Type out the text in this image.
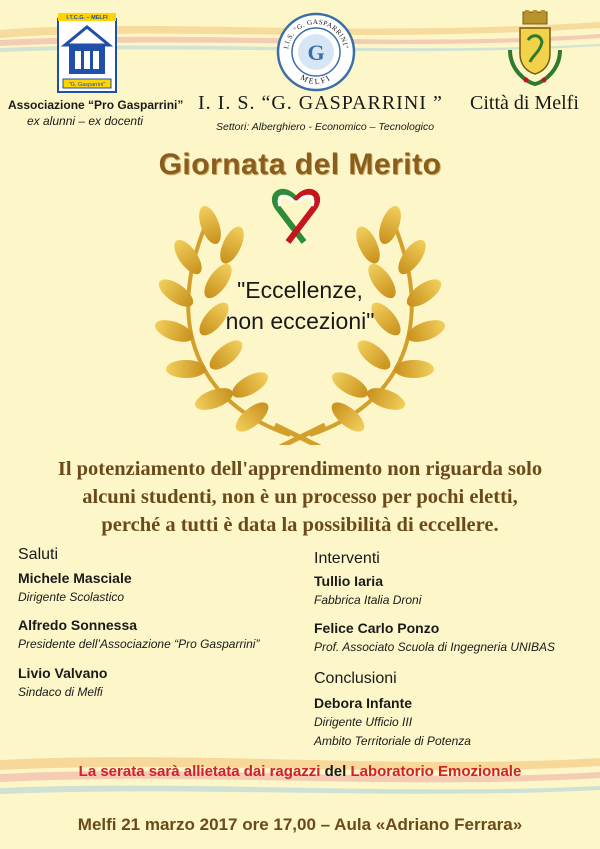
I.T.C.G. – MELFI
"G. Gasparrini"
I.I.S. "G. GASPARRINI"
MELFI
G
Associazione “Pro Gasparrini”
ex alunni – ex docenti
I. I. S. “G. GASPARRINI ”
Settori: Alberghiero - Economico – Tecnologico
Città di Melfi
Giornata del Merito
"Eccellenze,
non eccezioni"
Il potenziamento dell'apprendimento non riguarda solo
alcuni studenti, non è un processo per pochi eletti,
perché a tutti è data la possibilità di eccellere.
Saluti
Michele Masciale
Dirigente Scolastico
Alfredo Sonnessa
Presidente dell’Associazione “Pro Gasparrini”
Livio Valvano
Sindaco di Melfi
Interventi
Tullio Iaria
Fabbrica Italia Droni
Felice Carlo Ponzo
Prof. Associato Scuola di Ingegneria UNIBAS
Conclusioni
Debora Infante
Dirigente Ufficio III
Ambito Territoriale di Potenza
La serata sarà allietata dai ragazzi del Laboratorio Emozionale
Melfi 21 marzo 2017 ore 17,00 – Aula «Adriano Ferrara»
